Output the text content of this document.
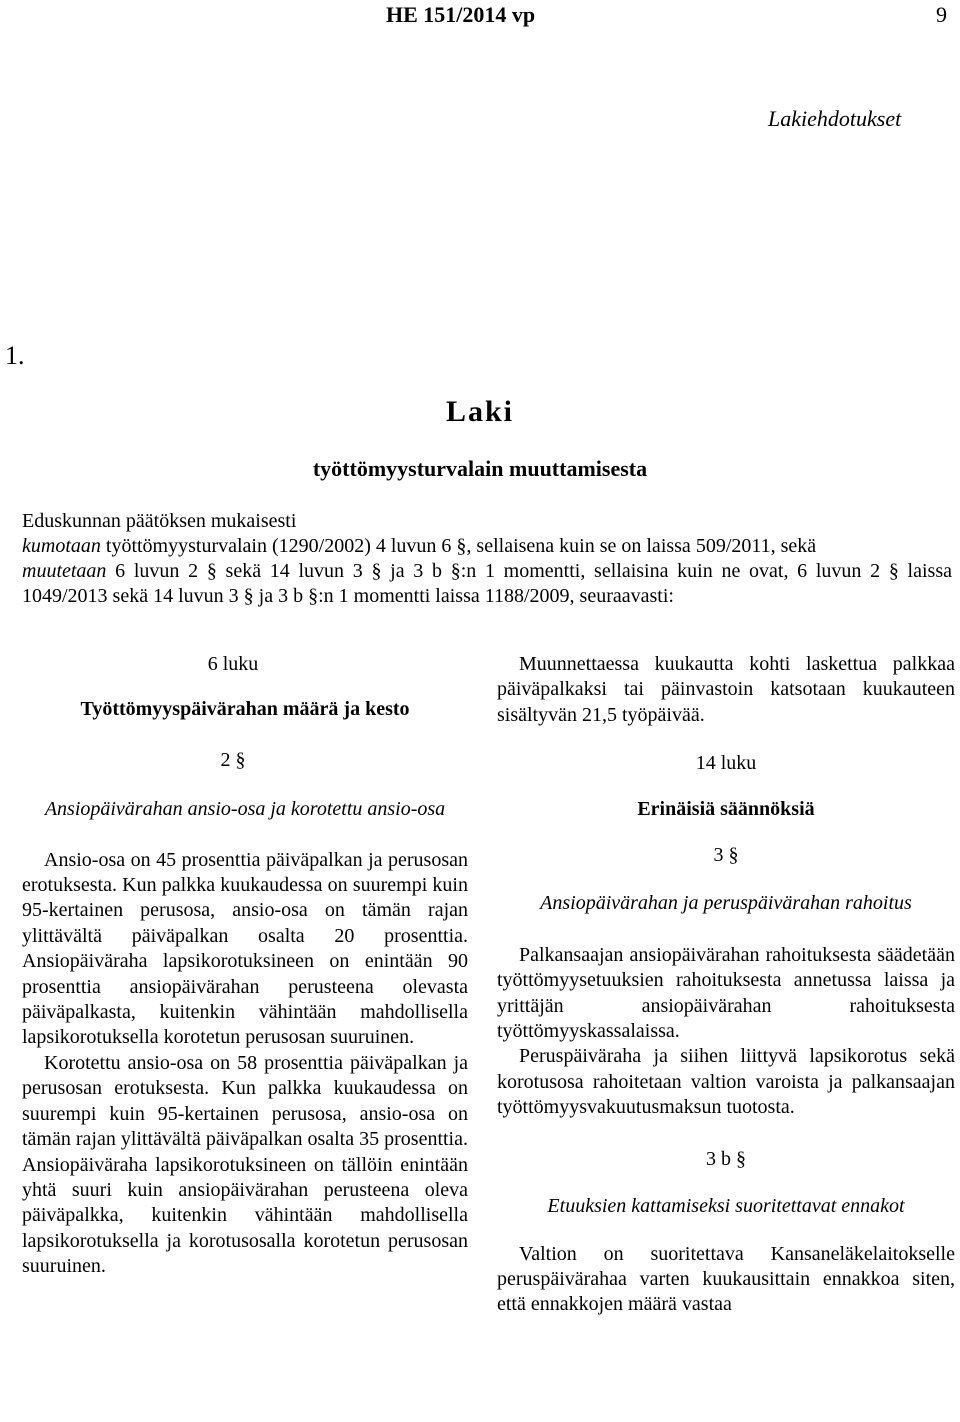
HE 151/2014 vp	9
Lakiehdotukset
1.
Laki
työttömyysturvalain muuttamisesta

Eduskunnan päätöksen mukaisesti

kumotaan työttömyysturvalain (1290/2002) 4 luvun 6 §, sellaisena kuin se on laissa 509/2011, sekä

muutetaan 6 luvun 2 § sekä 14 luvun 3 § ja 3 b §:n 1 momentti, sellaisina kuin ne ovat, 6 luvun 2 § laissa 1049/2013 sekä 14 luvun 3 § ja 3 b §:n 1 momentti laissa 1188/2009, seuraavasti:

6 luku
Työttömyyspäivärahan määrä ja kesto
2 §
Ansiopäivärahan ansio-osa ja korotettu ansio-osa

Ansio-osa on 45 prosenttia päiväpalkan ja perusosan erotuksesta. Kun palkka kuukaudessa on suurempi kuin 95-kertainen perusosa, ansio-osa on tämän rajan ylittävältä päiväpalkan osalta 20 prosenttia. Ansiopäiväraha lapsikorotuksineen on enintään 90 prosenttia ansiopäivärahan perusteena olevasta päiväpalkasta, kuitenkin vähintään mahdollisella lapsikorotuksella korotetun perusosan suuruinen.

Korotettu ansio-osa on 58 prosenttia päiväpalkan ja perusosan erotuksesta. Kun palkka kuukaudessa on suurempi kuin 95-kertainen perusosa, ansio-osa on tämän rajan ylittävältä päiväpalkan osalta 35 prosenttia. Ansiopäiväraha lapsikorotuksineen on tällöin enintään yhtä suuri kuin ansiopäivärahan perusteena oleva päiväpalkka, kuitenkin vähintään mahdollisella lapsikorotuksella ja korotusosalla korotetun perusosan suuruinen.

Muunnettaessa kuukautta kohti laskettua palkkaa päiväpalkaksi tai päinvastoin katsotaan kuukauteen sisältyvän 21,5 työpäivää.

14 luku
Erinäisiä säännöksiä
3 §
Ansiopäivärahan ja peruspäivärahan rahoitus

Palkansaajan ansiopäivärahan rahoituksesta säädetään työttömyysetuuksien rahoituksesta annetussa laissa ja yrittäjän ansiopäivärahan rahoituksesta työttömyyskassalaissa.

Peruspäiväraha ja siihen liittyvä lapsikorotus sekä korotusosa rahoitetaan valtion varoista ja palkansaajan työttömyysvakuutusmaksun tuotosta.

3 b §
Etuuksien kattamiseksi suoritettavat ennakot

Valtion on suoritettava Kansaneläkelaitokselle peruspäivärahaa varten kuukausittain ennakkoa siten, että ennakkojen määrä vastaa
